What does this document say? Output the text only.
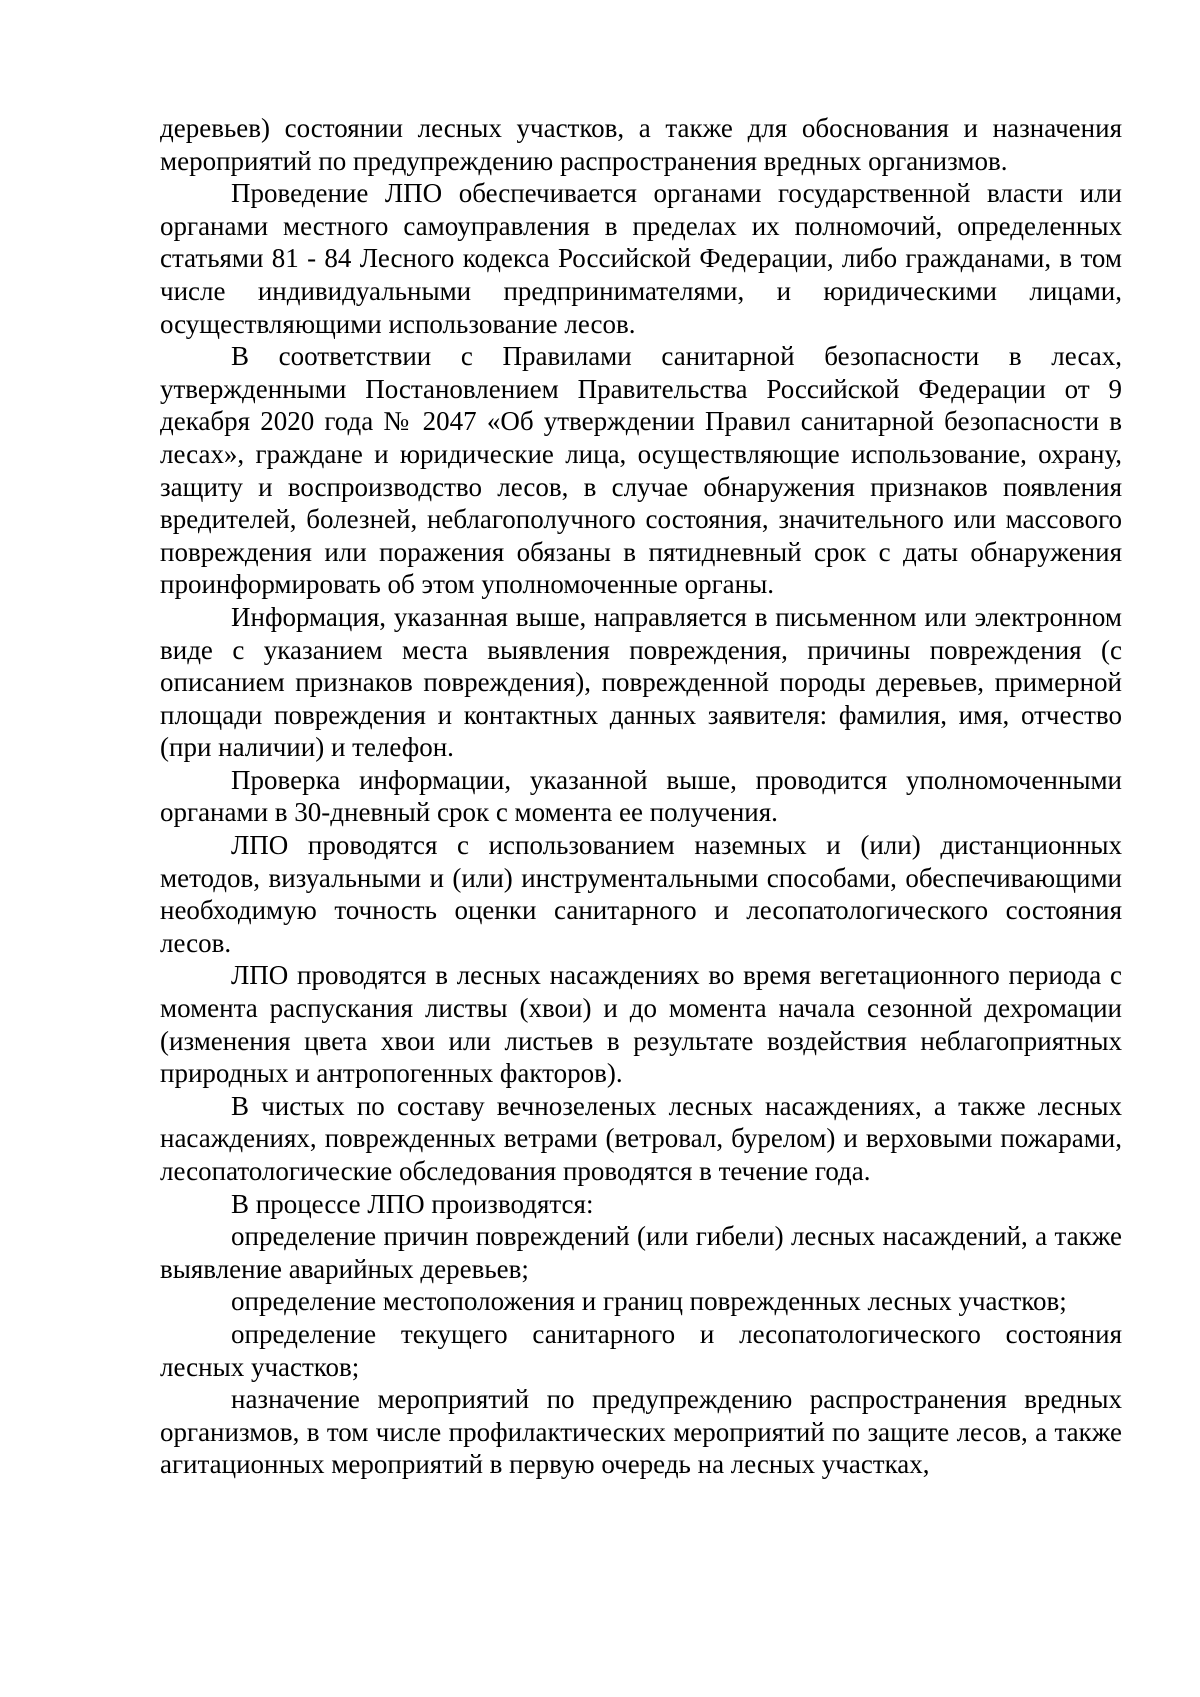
деревьев) состоянии лесных участков, а также для обоснования и назначения мероприятий по предупреждению распространения вредных организмов.

Проведение ЛПО обеспечивается органами государственной власти или органами местного самоуправления в пределах их полномочий, определенных статьями 81 - 84 Лесного кодекса Российской Федерации, либо гражданами, в том числе индивидуальными предпринимателями, и юридическими лицами, осуществляющими использование лесов.

В соответствии с Правилами санитарной безопасности в лесах, утвержденными Постановлением Правительства Российской Федерации от 9 декабря 2020 года № 2047 «Об утверждении Правил санитарной безопасности в лесах», граждане и юридические лица, осуществляющие использование, охрану, защиту и воспроизводство лесов, в случае обнаружения признаков появления вредителей, болезней, неблагополучного состояния, значительного или массового повреждения или поражения обязаны в пятидневный срок с даты обнаружения проинформировать об этом уполномоченные органы.

Информация, указанная выше, направляется в письменном или электронном виде с указанием места выявления повреждения, причины повреждения (с описанием признаков повреждения), поврежденной породы деревьев, примерной площади повреждения и контактных данных заявителя: фамилия, имя, отчество (при наличии) и телефон.

Проверка информации, указанной выше, проводится уполномоченными органами в 30-дневный срок с момента ее получения.

ЛПО проводятся с использованием наземных и (или) дистанционных методов, визуальными и (или) инструментальными способами, обеспечивающими необходимую точность оценки санитарного и лесопатологического состояния лесов.

ЛПО проводятся в лесных насаждениях во время вегетационного периода с момента распускания листвы (хвои) и до момента начала сезонной дехромации (изменения цвета хвои или листьев в результате воздействия неблагоприятных природных и антропогенных факторов).

В чистых по составу вечнозеленых лесных насаждениях, а также лесных насаждениях, поврежденных ветрами (ветровал, бурелом) и верховыми пожарами, лесопатологические обследования проводятся в течение года.

В процессе ЛПО производятся:

определение причин повреждений (или гибели) лесных насаждений, а также выявление аварийных деревьев;

определение местоположения и границ поврежденных лесных участков;

определение текущего санитарного и лесопатологического состояния лесных участков;

назначение мероприятий по предупреждению распространения вредных организмов, в том числе профилактических мероприятий по защите лесов, а также агитационных мероприятий в первую очередь на лесных участках,
